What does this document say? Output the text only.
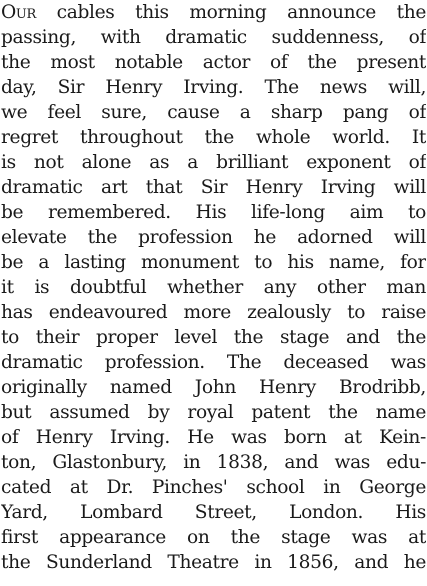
Our cables this morning announce the
passing, with dramatic suddenness, of
the most notable actor of the present
day, Sir Henry Irving. The news will,
we feel sure, cause a sharp pang of
regret throughout the whole world. It
is not alone as a brilliant exponent of
dramatic art that Sir Henry Irving will
be remembered. His life-long aim to
elevate the profession he adorned will
be a lasting monument to his name, for
it is doubtful whether any other man
has endeavoured more zealously to raise
to their proper level the stage and the
dramatic profession. The deceased was
originally named John Henry Brodribb,
but assumed by royal patent the name
of Henry Irving. He was born at Kein-
ton, Glastonbury, in 1838, and was edu-
cated at Dr. Pinches' school in George
Yard, Lombard Street, London. His
first appearance on the stage was at
the Sunderland Theatre in 1856, and he
